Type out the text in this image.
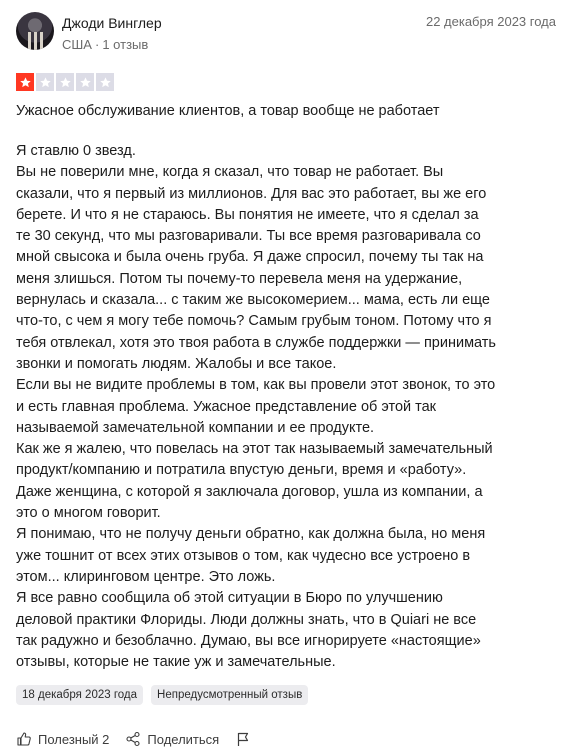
Джоди Винглер
США · 1 отзыв
22 декабря 2023 года
Ужасное обслуживание клиентов, а товар вообще не работает
Я ставлю 0 звезд.
Вы не поверили мне, когда я сказал, что товар не работает. Вы сказали, что я первый из миллионов. Для вас это работает, вы же его берете. И что я не стараюсь. Вы понятия не имеете, что я сделал за те 30 секунд, что мы разговаривали. Ты все время разговаривала со мной свысока и была очень груба. Я даже спросил, почему ты так на меня злишься. Потом ты почему-то перевела меня на удержание, вернулась и сказала... с таким же высокомерием... мама, есть ли еще что-то, с чем я могу тебе помочь? Самым грубым тоном. Потому что я тебя отвлекал, хотя это твоя работа в службе поддержки — принимать звонки и помогать людям. Жалобы и все такое.
Если вы не видите проблемы в том, как вы провели этот звонок, то это и есть главная проблема. Ужасное представление об этой так называемой замечательной компании и ее продукте.
Как же я жалею, что повелась на этот так называемый замечательный продукт/компанию и потратила впустую деньги, время и «работу». Даже женщина, с которой я заключала договор, ушла из компании, а это о многом говорит.
Я понимаю, что не получу деньги обратно, как должна была, но меня уже тошнит от всех этих отзывов о том, как чудесно все устроено в этом... клиринговом центре. Это ложь.
Я все равно сообщила об этой ситуации в Бюро по улучшению деловой практики Флориды. Люди должны знать, что в Quiari не все так радужно и безоблачно. Думаю, вы все игнорируете «настоящие» отзывы, которые не такие уж и замечательные.
18 декабря 2023 года	Непредусмотренный отзыв
Полезный 2	Поделиться
